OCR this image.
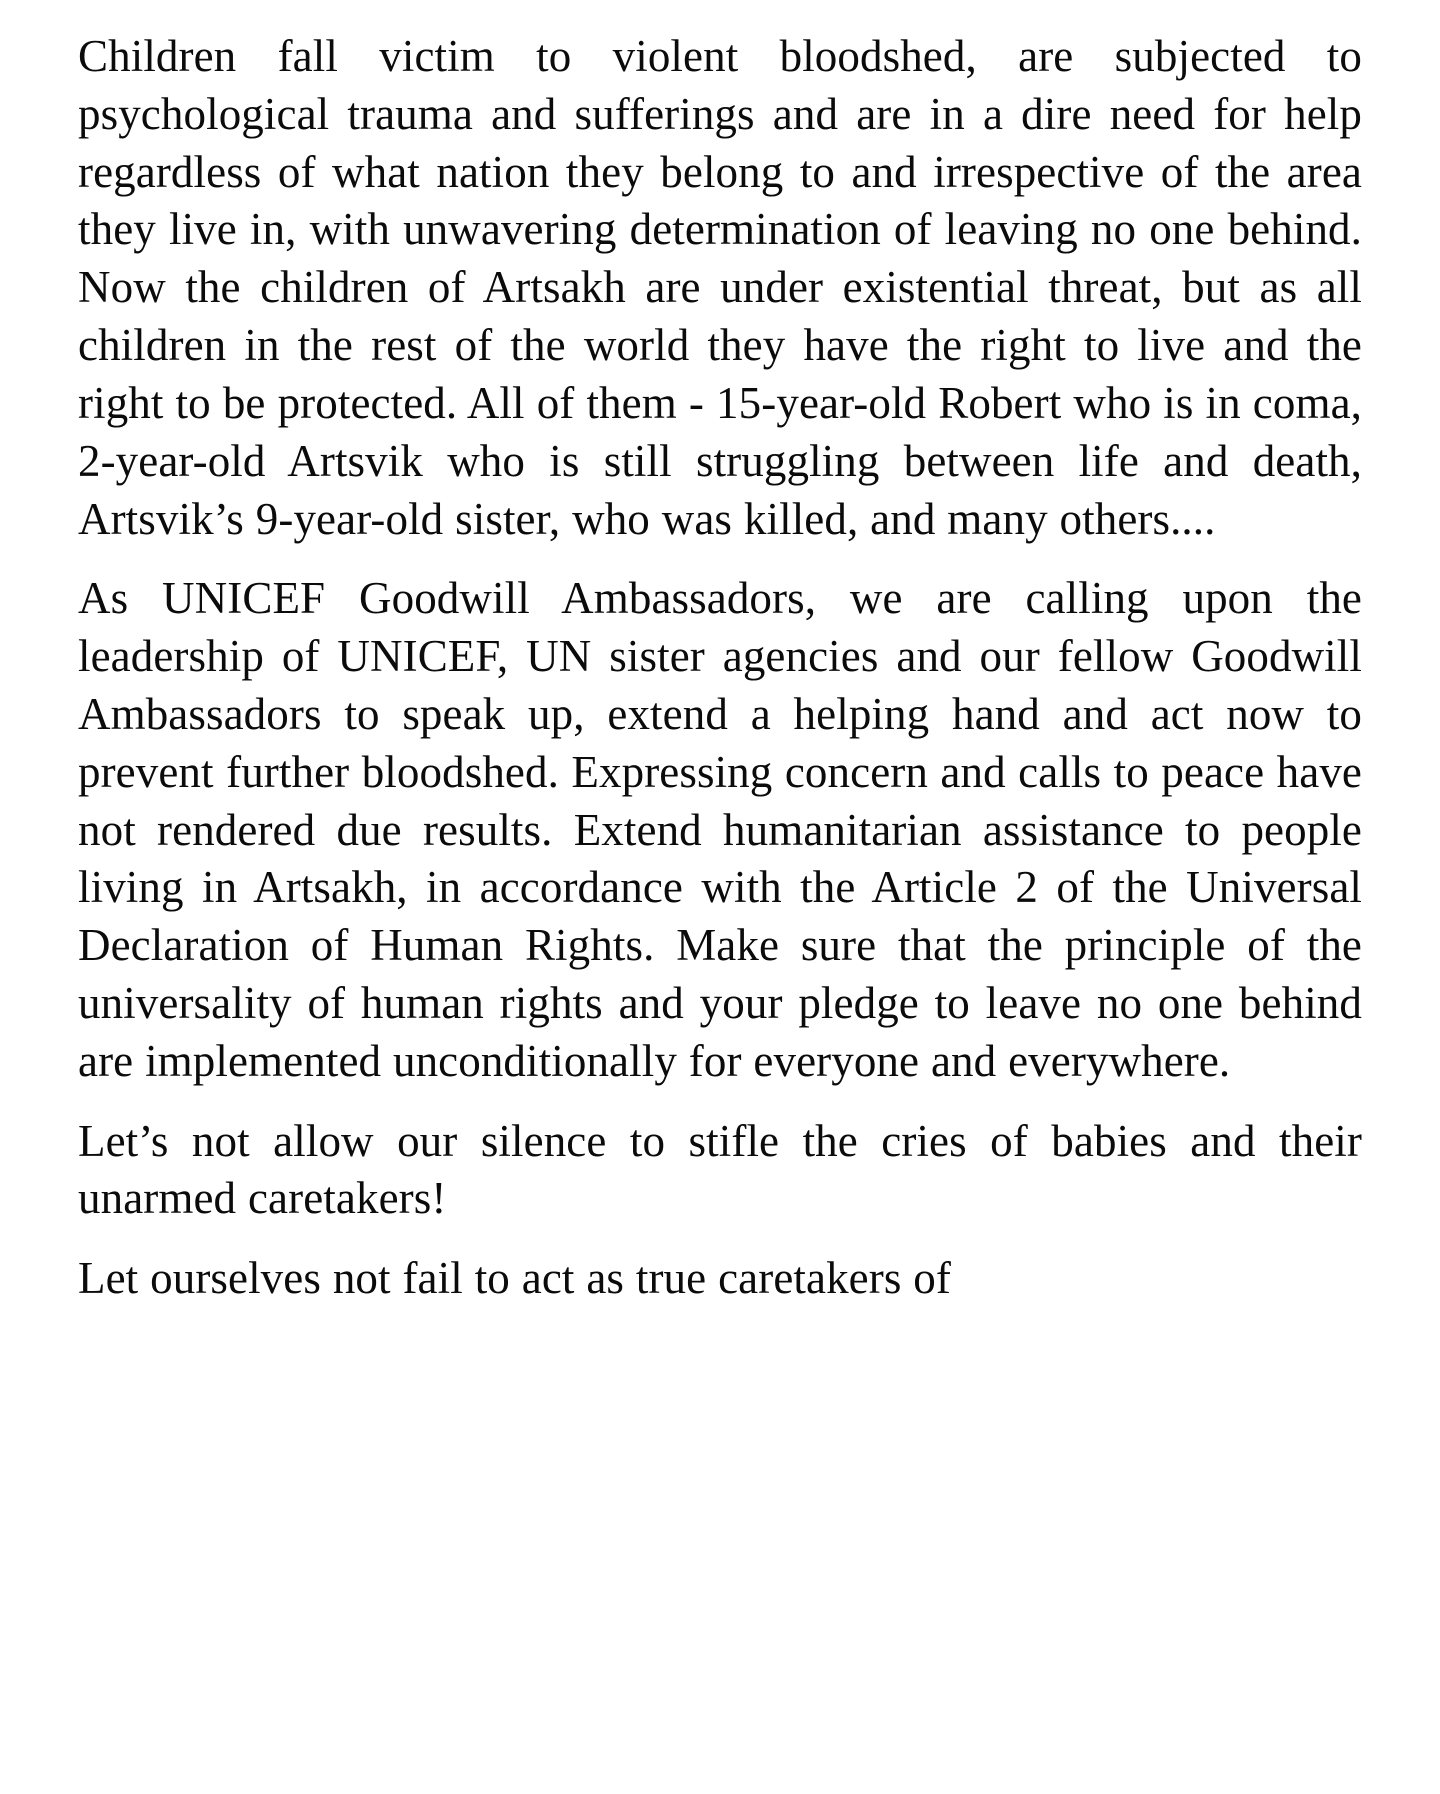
Children fall victim to violent bloodshed, are subjected to psychological trauma and sufferings and are in a dire need for help regardless of what nation they belong to and irrespective of the area they live in, with unwavering determination of leaving no one behind. Now the children of Artsakh are under existential threat, but as all children in the rest of the world they have the right to live and the right to be protected. All of them - 15-year-old Robert who is in coma, 2-year-old Artsvik who is still struggling between life and death, Artsvik’s 9-year-old sister, who was killed, and many others....

As UNICEF Goodwill Ambassadors, we are calling upon the leadership of UNICEF, UN sister agencies and our fellow Goodwill Ambassadors to speak up, extend a helping hand and act now to prevent further bloodshed. Expressing concern and calls to peace have not rendered due results. Extend humanitarian assistance to people living in Artsakh, in accordance with the Article 2 of the Universal Declaration of Human Rights. Make sure that the principle of the universality of human rights and your pledge to leave no one behind are implemented unconditionally for everyone and everywhere.

Let’s not allow our silence to stifle the cries of babies and their unarmed caretakers!

Let ourselves not fail to act as true caretakers of
